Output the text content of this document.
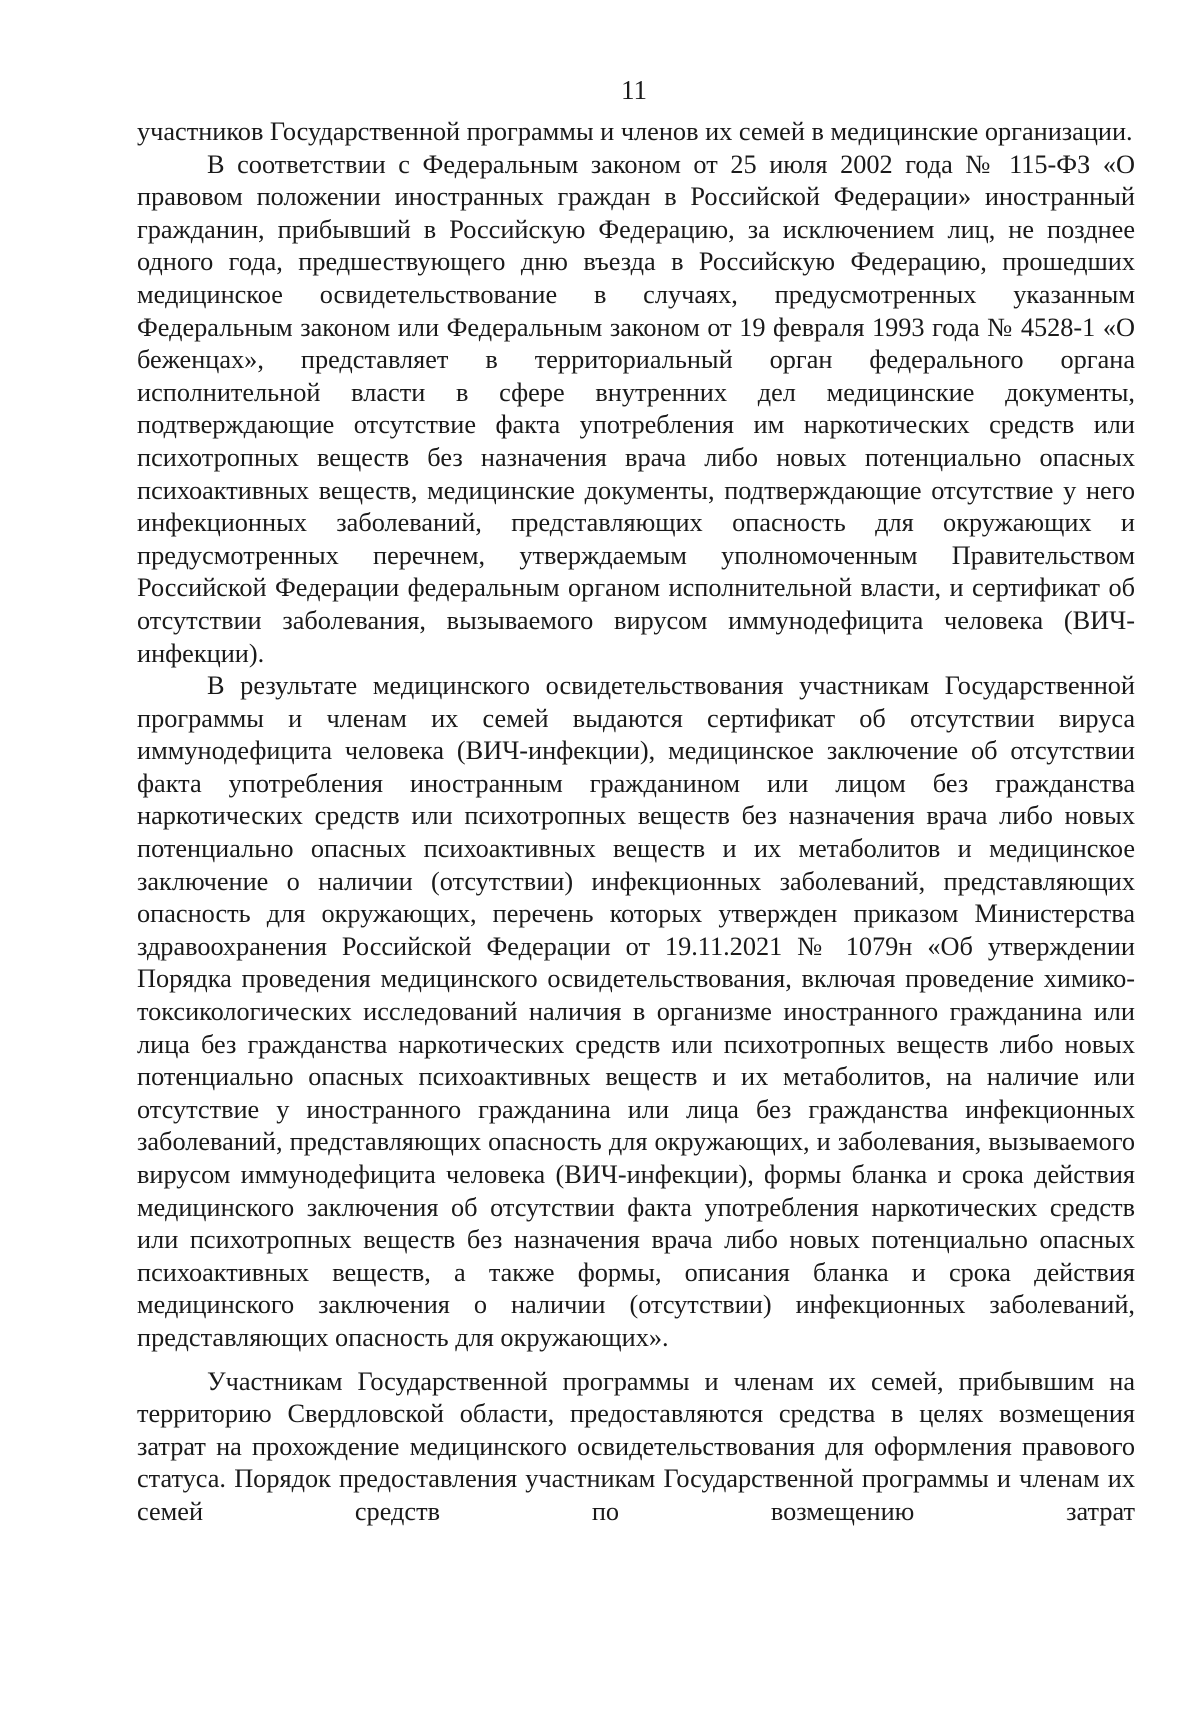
11

участников Государственной программы и членов их семей в медицинские организации.

В соответствии с Федеральным законом от 25 июля 2002 года № 115-ФЗ «О правовом положении иностранных граждан в Российской Федерации» иностранный гражданин, прибывший в Российскую Федерацию, за исключением лиц, не позднее одного года, предшествующего дню въезда в Российскую Федерацию, прошедших медицинское освидетельствование в случаях, предусмотренных указанным Федеральным законом или Федеральным законом от 19 февраля 1993 года № 4528-1 «О беженцах», представляет в территориальный орган федерального органа исполнительной власти в сфере внутренних дел медицинские документы, подтверждающие отсутствие факта употребления им наркотических средств или психотропных веществ без назначения врача либо новых потенциально опасных психоактивных веществ, медицинские документы, подтверждающие отсутствие у него инфекционных заболеваний, представляющих опасность для окружающих и предусмотренных перечнем, утверждаемым уполномоченным Правительством Российской Федерации федеральным органом исполнительной власти, и сертификат об отсутствии заболевания, вызываемого вирусом иммунодефицита человека (ВИЧ-инфекции).

В результате медицинского освидетельствования участникам Государственной программы и членам их семей выдаются сертификат об отсутствии вируса иммунодефицита человека (ВИЧ-инфекции), медицинское заключение об отсутствии факта употребления иностранным гражданином или лицом без гражданства наркотических средств или психотропных веществ без назначения врача либо новых потенциально опасных психоактивных веществ и их метаболитов и медицинское заключение о наличии (отсутствии) инфекционных заболеваний, представляющих опасность для окружающих, перечень которых утвержден приказом Министерства здравоохранения Российской Федерации от 19.11.2021 № 1079н «Об утверждении Порядка проведения медицинского освидетельствования, включая проведение химико-токсикологических исследований наличия в организме иностранного гражданина или лица без гражданства наркотических средств или психотропных веществ либо новых потенциально опасных психоактивных веществ и их метаболитов, на наличие или отсутствие у иностранного гражданина или лица без гражданства инфекционных заболеваний, представляющих опасность для окружающих, и заболевания, вызываемого вирусом иммунодефицита человека (ВИЧ-инфекции), формы бланка и срока действия медицинского заключения об отсутствии факта употребления наркотических средств или психотропных веществ без назначения врача либо новых потенциально опасных психоактивных веществ, а также формы, описания бланка и срока действия медицинского заключения о наличии (отсутствии) инфекционных заболеваний, представляющих опасность для окружающих».

Участникам Государственной программы и членам их семей, прибывшим на территорию Свердловской области, предоставляются средства в целях возмещения затрат на прохождение медицинского освидетельствования для оформления правового статуса. Порядок предоставления участникам Государственной программы и членам их семей средств по возмещению затрат
